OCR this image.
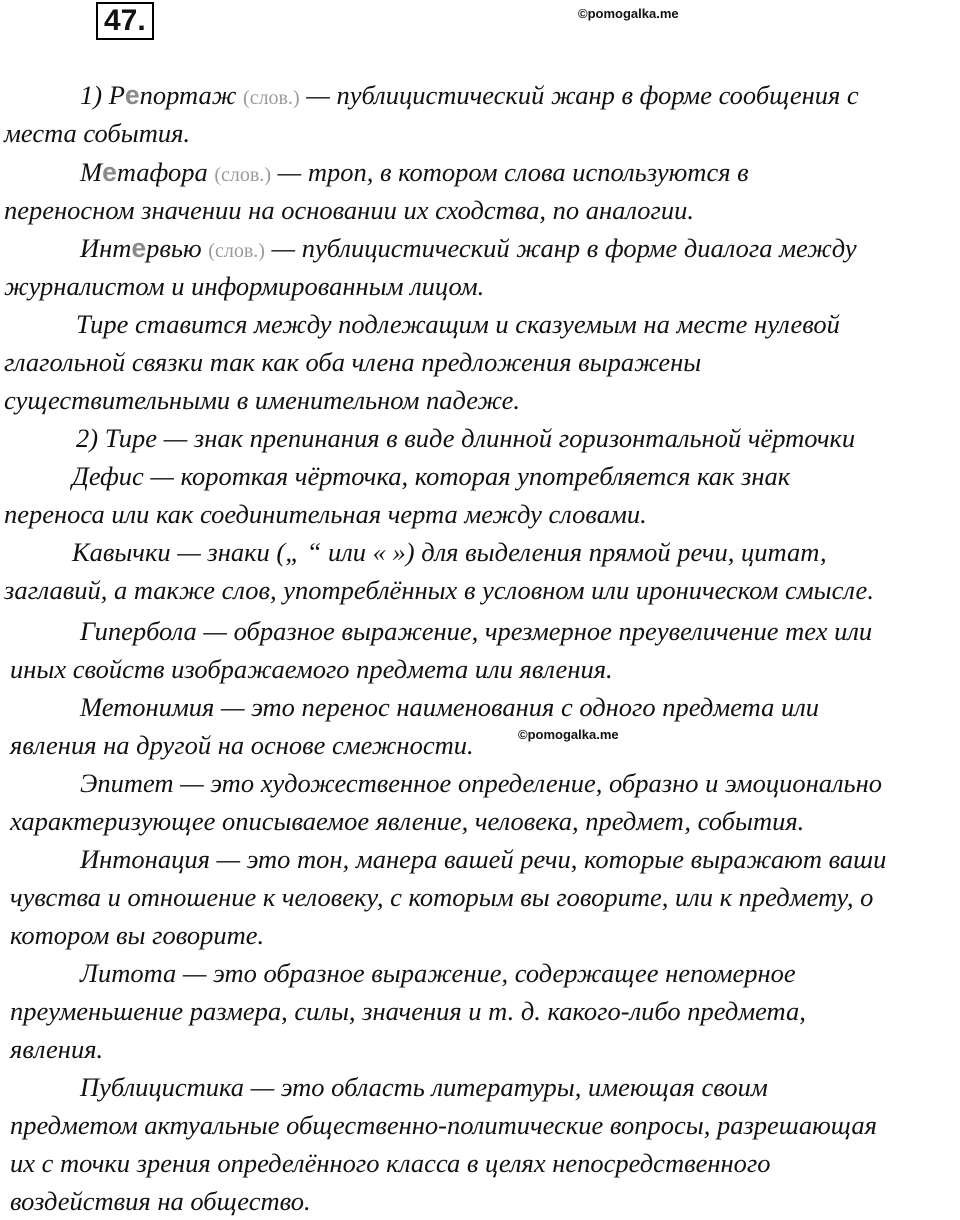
47.	©pomogalka.me
1) Репортаж (слов.) — публицистический жанр в форме сообщения с
места события.
Метафора (слов.) — троп, в котором слова используются в
переносном значении на основании их сходства, по аналогии.
Интервью (слов.) — публицистический жанр в форме диалога между
журналистом и информированным лицом.
Тире ставится между подлежащим и сказуемым на месте нулевой
глагольной связки так как оба члена предложения выражены
существительными в именительном падеже.
2) Тире — знак препинания в виде длинной горизонтальной чёрточки
Дефис — короткая чёрточка, которая употребляется как знак
переноса или как соединительная черта между словами.
Кавычки — знаки („ “ или « ») для выделения прямой речи, цитат,
заглавий, а также слов, употреблённых в условном или ироническом смысле.
Гипербола — образное выражение, чрезмерное преувеличение тех или
иных свойств изображаемого предмета или явления.
Метонимия — это перенос наименования с одного предмета или
явления на другой на основе смежности.	©pomogalka.me
Эпитет — это художественное определение, образно и эмоционально
характеризующее описываемое явление, человека, предмет, события.
Интонация — это тон, манера вашей речи, которые выражают ваши
чувства и отношение к человеку, с которым вы говорите, или к предмету, о
котором вы говорите.
Литота — это образное выражение, содержащее непомерное
преуменьшение размера, силы, значения и т. д. какого-либо предмета,
явления.
Публицистика — это область литературы, имеющая своим
предметом актуальные общественно-политические вопросы, разрешающая
их с точки зрения определённого класса в целях непосредственного
воздействия на общество.
